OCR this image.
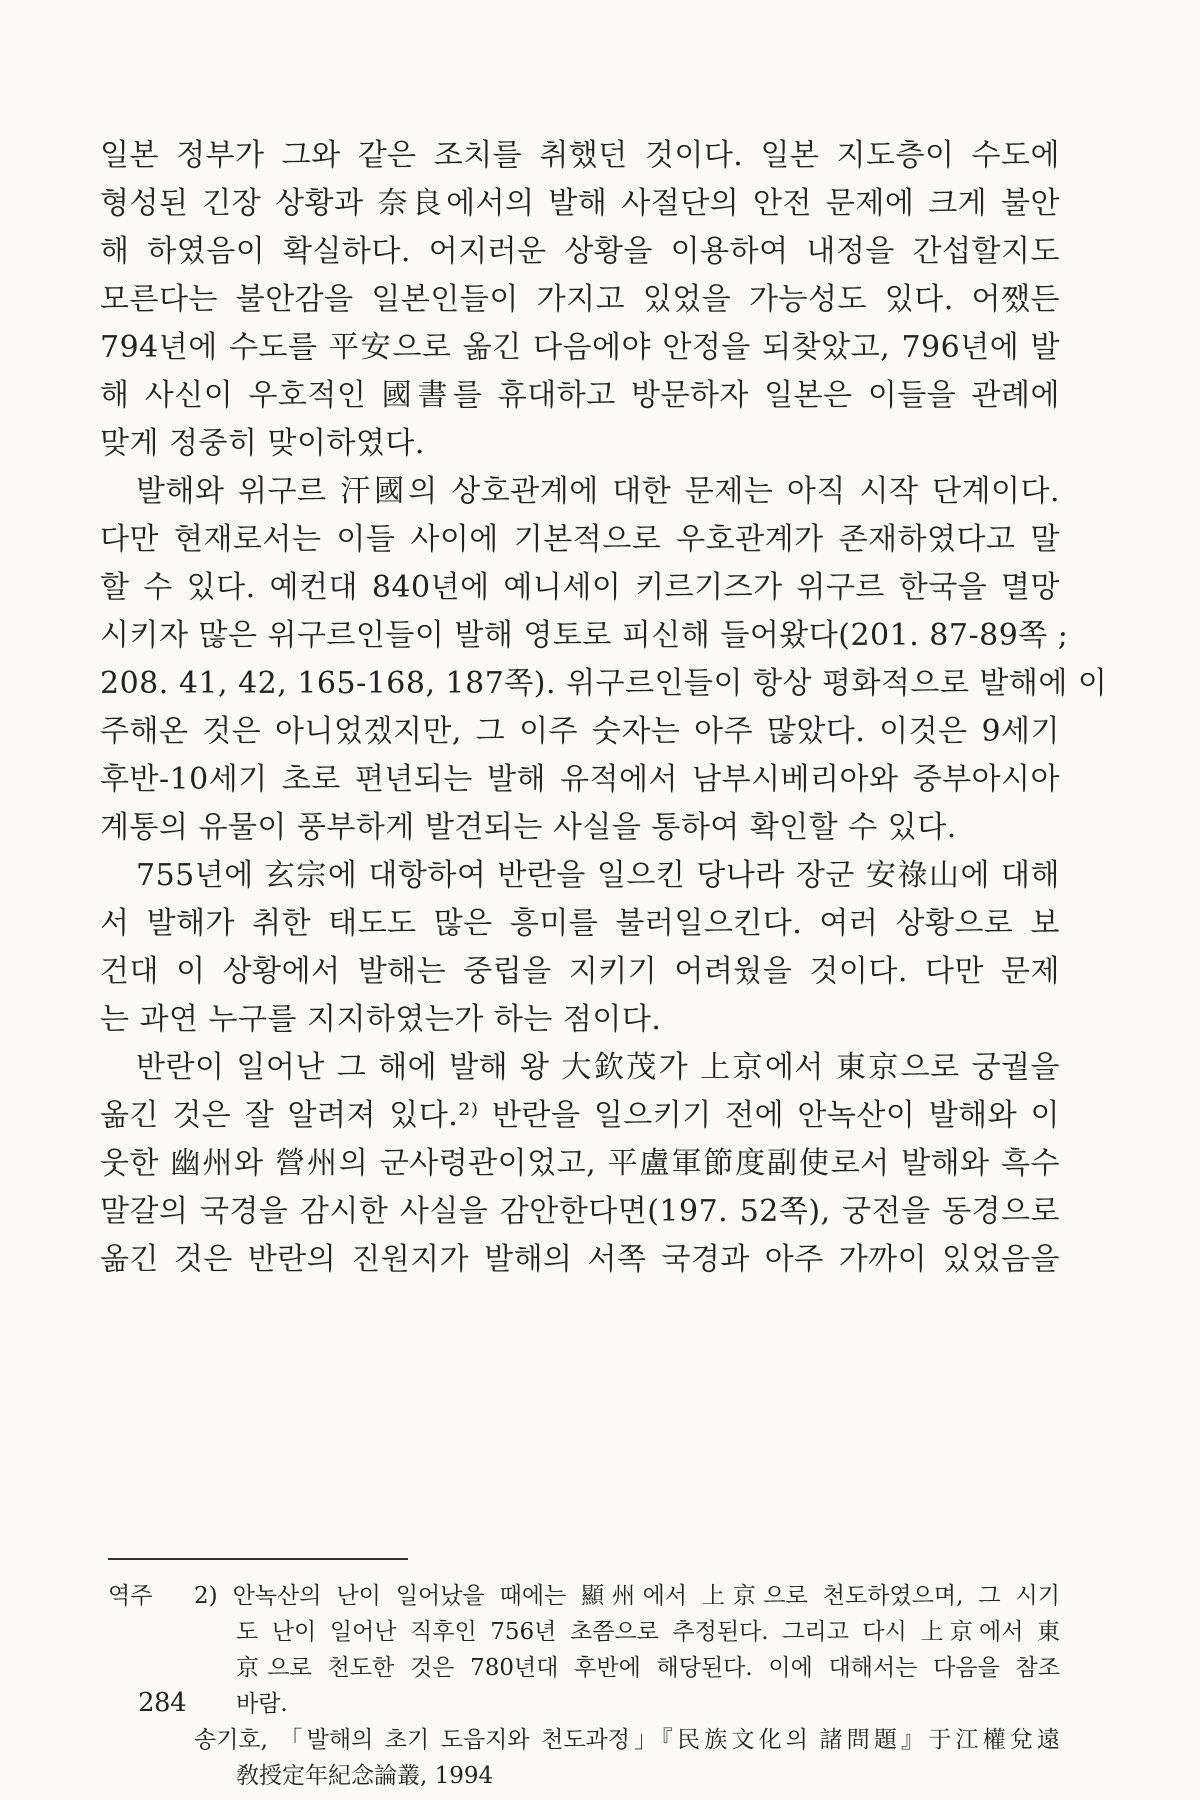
일본 정부가 그와 같은 조치를 취했던 것이다. 일본 지도층이 수도에
형성된 긴장 상황과 奈良에서의 발해 사절단의 안전 문제에 크게 불안
해 하였음이 확실하다. 어지러운 상황을 이용하여 내정을 간섭할지도
모른다는 불안감을 일본인들이 가지고 있었을 가능성도 있다. 어쨌든
794년에 수도를 平安으로 옮긴 다음에야 안정을 되찾았고, 796년에 발
해 사신이 우호적인 國書를 휴대하고 방문하자 일본은 이들을 관례에
맞게 정중히 맞이하였다.
발해와 위구르 汗國의 상호관계에 대한 문제는 아직 시작 단계이다.
다만 현재로서는 이들 사이에 기본적으로 우호관계가 존재하였다고 말
할 수 있다. 예컨대 840년에 예니세이 키르기즈가 위구르 한국을 멸망
시키자 많은 위구르인들이 발해 영토로 피신해 들어왔다(201. 87-89쪽 ;
208. 41, 42, 165-168, 187쪽). 위구르인들이 항상 평화적으로 발해에 이
주해온 것은 아니었겠지만, 그 이주 숫자는 아주 많았다. 이것은 9세기
후반-10세기 초로 편년되는 발해 유적에서 남부시베리아와 중부아시아
계통의 유물이 풍부하게 발견되는 사실을 통하여 확인할 수 있다.
755년에 玄宗에 대항하여 반란을 일으킨 당나라 장군 安祿山에 대해
서 발해가 취한 태도도 많은 흥미를 불러일으킨다. 여러 상황으로 보
건대 이 상황에서 발해는 중립을 지키기 어려웠을 것이다. 다만 문제
는 과연 누구를 지지하였는가 하는 점이다.
반란이 일어난 그 해에 발해 왕 大欽茂가 上京에서 東京으로 궁궐을
옮긴 것은 잘 알려져 있다.²⁾ 반란을 일으키기 전에 안녹산이 발해와 이
웃한 幽州와 營州의 군사령관이었고, 平盧軍節度副使로서 발해와 흑수
말갈의 국경을 감시한 사실을 감안한다면(197. 52쪽), 궁전을 동경으로
옮긴 것은 반란의 진원지가 발해의 서쪽 국경과 아주 가까이 있었음을
역주 2) 안녹산의 난이 일어났을 때에는 顯州에서 上京으로 천도하였으며, 그 시기
도 난이 일어난 직후인 756년 초쯤으로 추정된다. 그리고 다시 上京에서 東
京으로 천도한 것은 780년대 후반에 해당된다. 이에 대해서는 다음을 참조
바람.
송기호, 「발해의 초기 도읍지와 천도과정」『民族文化의 諸問題』于江權兌遠
敎授定年紀念論叢, 1994
284
